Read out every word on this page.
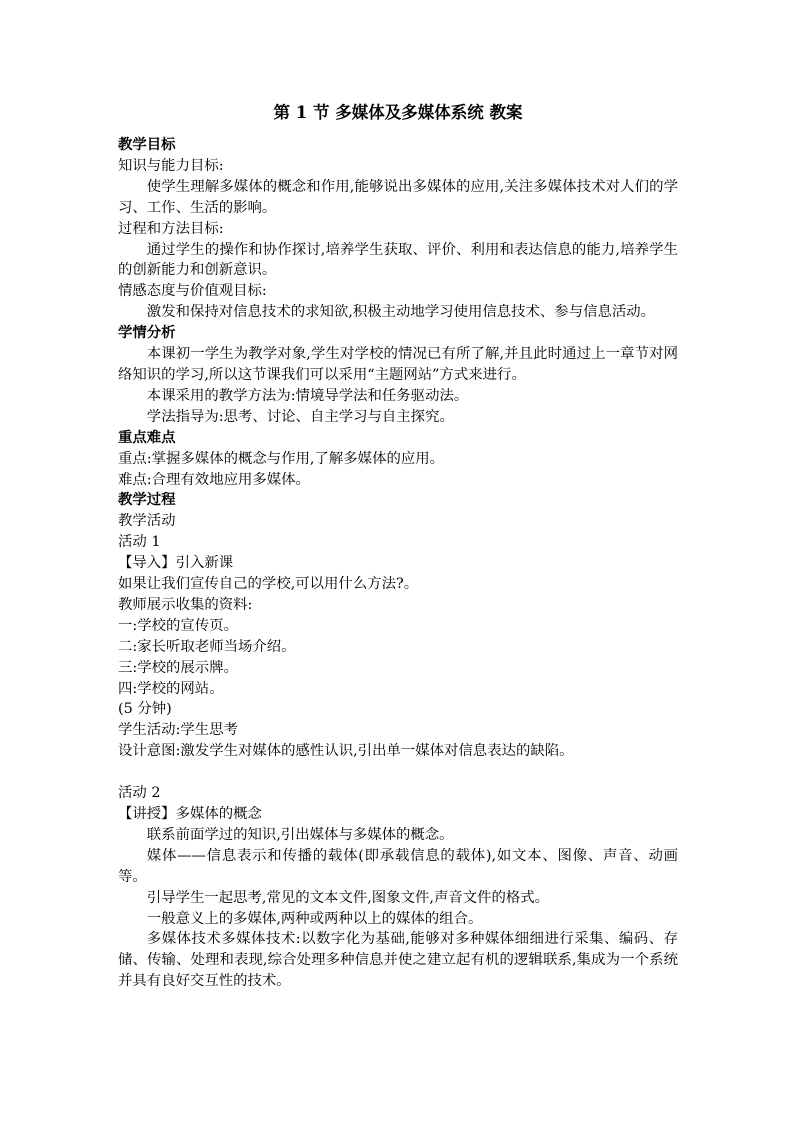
第 1 节 多媒体及多媒体系统 教案
教学目标
知识与能力目标:
使学生理解多媒体的概念和作用,能够说出多媒体的应用,关注多媒体技术对人们的学习、工作、生活的影响。
过程和方法目标:
通过学生的操作和协作探讨,培养学生获取、评价、利用和表达信息的能力,培养学生的创新能力和创新意识。
情感态度与价值观目标:
激发和保持对信息技术的求知欲,积极主动地学习使用信息技术、参与信息活动。
学情分析
本课初一学生为教学对象,学生对学校的情况已有所了解,并且此时通过上一章节对网络知识的学习,所以这节课我们可以采用“主题网站”方式来进行。
本课采用的教学方法为:情境导学法和任务驱动法。
学法指导为:思考、讨论、自主学习与自主探究。
重点难点
重点:掌握多媒体的概念与作用,了解多媒体的应用。
难点:合理有效地应用多媒体。
教学过程
教学活动
活动 1
【导入】引入新课
如果让我们宣传自己的学校,可以用什么方法?。
教师展示收集的资料:
一:学校的宣传页。
二:家长听取老师当场介绍。
三:学校的展示牌。
四:学校的网站。
(5 分钟)
学生活动:学生思考
设计意图:激发学生对媒体的感性认识,引出单一媒体对信息表达的缺陷。
活动 2
【讲授】多媒体的概念
联系前面学过的知识,引出媒体与多媒体的概念。
媒体——信息表示和传播的载体(即承载信息的载体),如文本、图像、声音、动画等。
引导学生一起思考,常见的文本文件,图象文件,声音文件的格式。
一般意义上的多媒体,两种或两种以上的媒体的组合。
多媒体技术多媒体技术:以数字化为基础,能够对多种媒体细细进行采集、编码、存储、传输、处理和表现,综合处理多种信息并使之建立起有机的逻辑联系,集成为一个系统并具有良好交互性的技术。
